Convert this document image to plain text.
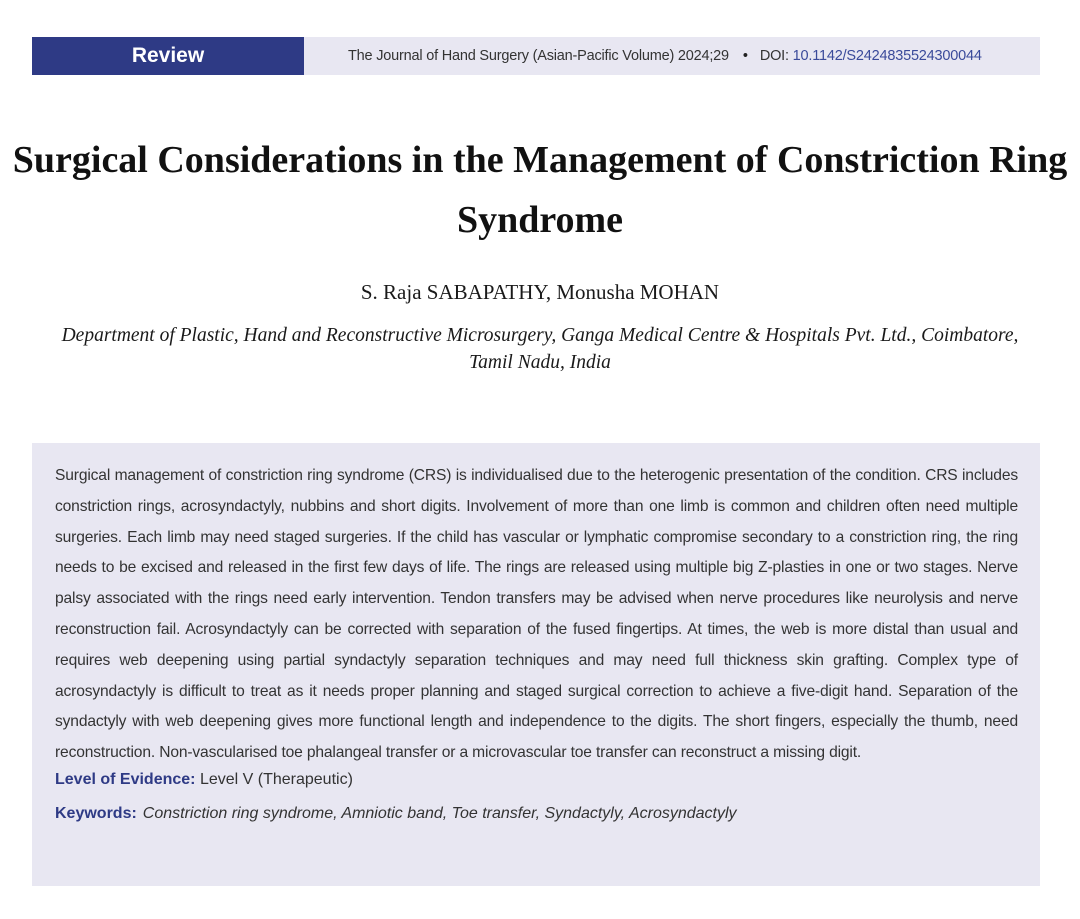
Review	The Journal of Hand Surgery (Asian-Pacific Volume) 2024;29 • DOI: 10.1142/S2424835524300044
Surgical Considerations in the Management of Constriction Ring Syndrome
S. Raja SABAPATHY, Monusha MOHAN
Department of Plastic, Hand and Reconstructive Microsurgery, Ganga Medical Centre & Hospitals Pvt. Ltd., Coimbatore, Tamil Nadu, India

Surgical management of constriction ring syndrome (CRS) is individualised due to the heterogenic presentation of the condition. CRS includes constriction rings, acrosyndactyly, nubbins and short digits. Involvement of more than one limb is common and children often need multiple surgeries. Each limb may need staged surgeries. If the child has vascular or lymphatic compromise secondary to a constriction ring, the ring needs to be excised and released in the first few days of life. The rings are released using multiple big Z-plasties in one or two stages. Nerve palsy associated with the rings need early intervention. Tendon transfers may be advised when nerve procedures like neurolysis and nerve reconstruction fail. Acrosyndactyly can be corrected with separation of the fused fingertips. At times, the web is more distal than usual and requires web deepening using partial syndactyly separation techniques and may need full thickness skin grafting. Complex type of acrosyndactyly is difficult to treat as it needs proper planning and staged surgical correction to achieve a five-digit hand. Separation of the syndactyly with web deepening gives more functional length and independence to the digits. The short fingers, especially the thumb, need reconstruction. Non-vascularised toe phalangeal transfer or a microvascular toe transfer can reconstruct a missing digit.

Level of Evidence: Level V (Therapeutic)
Keywords: Constriction ring syndrome, Amniotic band, Toe transfer, Syndactyly, Acrosyndactyly
